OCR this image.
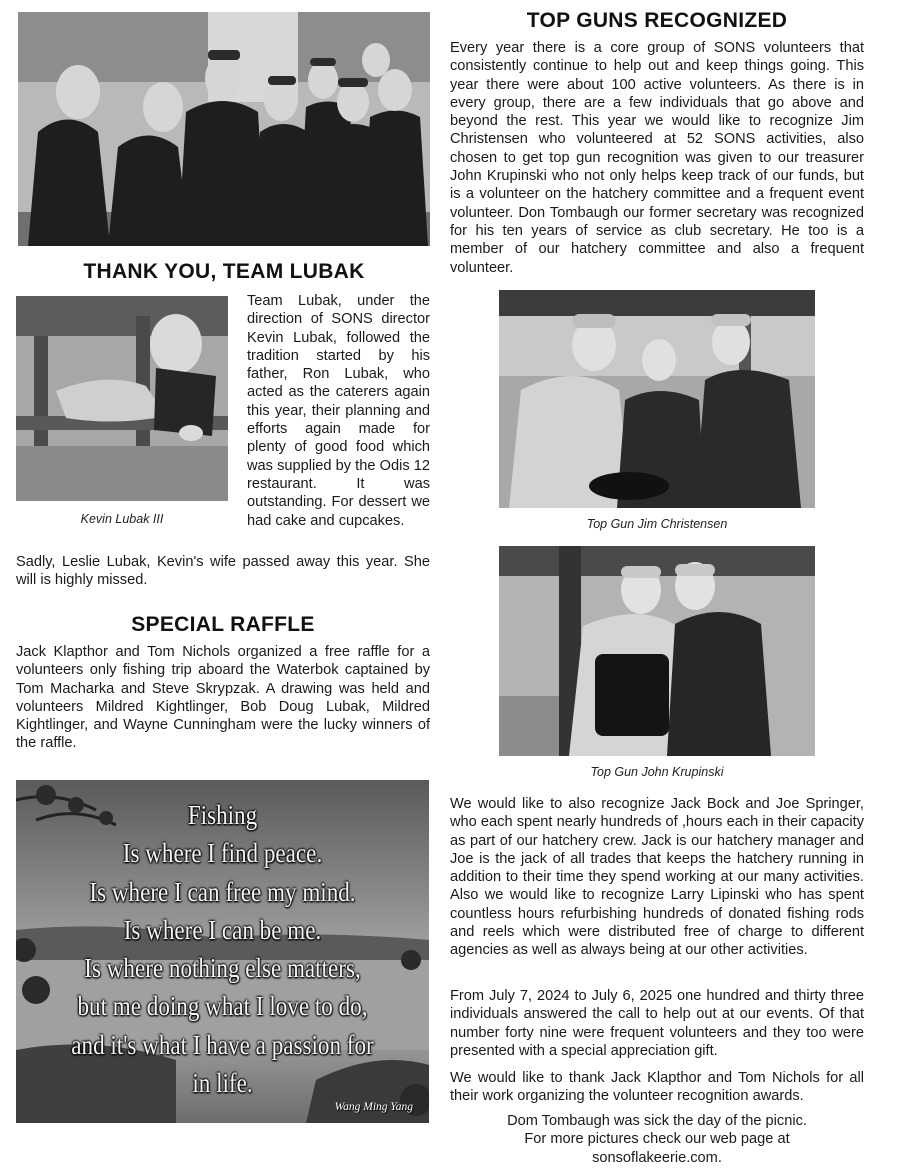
THANK YOU, TEAM LUBAK
Kevin Lubak III
Team Lubak, under the direction of SONS director Kevin Lubak, followed the tradition started by his father, Ron Lubak, who acted as the caterers again this year, their planning and efforts again made for plenty of good food which was supplied by the Odis 12 restaurant. It was outstanding. For dessert we had cake and cupcakes.
Sadly, Leslie Lubak, Kevin's wife passed away this year. She will is highly missed.
SPECIAL RAFFLE
Jack Klapthor and Tom Nichols organized a free raffle for a volunteers only fishing trip aboard the Waterbok captained by Tom Macharka and Steve Skrypzak. A drawing was held and volunteers Mildred Kightlinger, Bob Doug Lubak, Mildred Kightlinger, and Wayne Cunningham were the lucky winners of the raffle.
Fishing
Is where I find peace.
Is where I can free my mind.
Is where I can be me.
Is where nothing else matters,
but me doing what I love to do,
and it's what I have a passion for
in life.
Wang Ming Yang
TOP GUNS RECOGNIZED
Every year there is a core group of SONS volunteers that consistently continue to help out and keep things going. This year there were about 100 active volunteers. As there is in every group, there are a few individuals that go above and beyond the rest. This year we would like to recognize Jim Christensen who volunteered at 52 SONS activities, also chosen to get top gun recognition was given to our treasurer John Krupinski who not only helps keep track of our funds, but is a volunteer on the hatchery committee and a frequent event volunteer. Don Tombaugh our former secretary was recognized for his ten years of service as club secretary. He too is a member of our hatchery committee and also a frequent volunteer.
Top Gun Jim Christensen
Top Gun John Krupinski
We would like to also recognize Jack Bock and Joe Springer, who each spent nearly hundreds of ,hours each in their capacity as part of our hatchery crew. Jack is our hatchery manager and Joe is the jack of all trades that keeps the hatchery running in addition to their time they spend working at our many activities. Also we would like to recognize Larry Lipinski who has spent countless hours refurbishing hundreds of donated fishing rods and reels which were distributed free of charge to different agencies as well as always being at our other activities.
From July 7, 2024 to July 6, 2025 one hundred and thirty three individuals answered the call to help out at our events. Of that number forty nine were frequent volunteers and they too were presented with a special appreciation gift.
We would like to thank Jack Klapthor and Tom Nichols for all their work organizing the volunteer recognition awards.
Dom Tombaugh was sick the day of the picnic.
For more pictures check our web page at
sonsoflakeerie.com.
